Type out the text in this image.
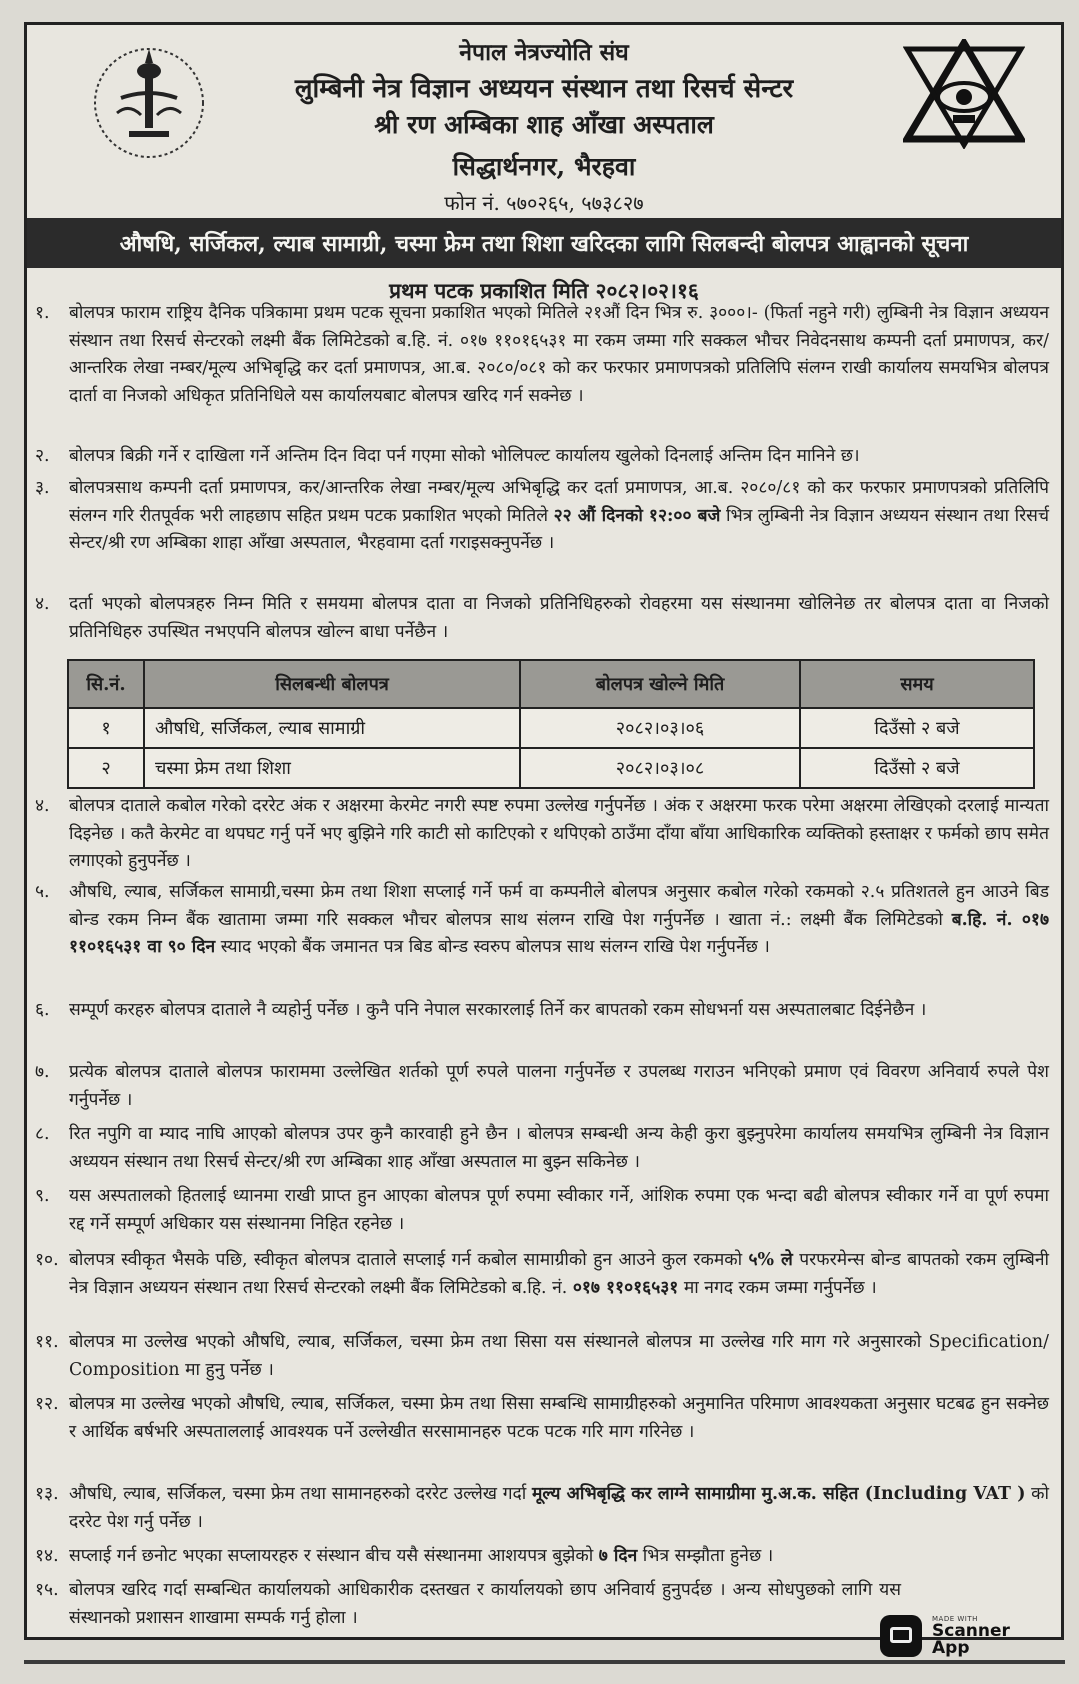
नेपाल नेत्रज्योति संघ
लुम्बिनी नेत्र विज्ञान अध्ययन संस्थान तथा रिसर्च सेन्टर
श्री रण अम्बिका शाह आँखा अस्पताल
सिद्धार्थनगर, भैरहवा
फोन नं. ५७०२६५, ५७३८२७
औषधि, सर्जिकल, ल्याब सामाग्री, चस्मा फ्रेम तथा शिशा खरिदका लागि सिलबन्दी बोलपत्र आह्वानको सूचना
प्रथम पटक प्रकाशित मिति २०८२।०२।१६
१.	बोलपत्र फाराम राष्ट्रिय दैनिक पत्रिकामा प्रथम पटक सूचना प्रकाशित भएको मितिले २१औं दिन भित्र रु. ३०००।- (फिर्ता नहुने गरी) लुम्बिनी नेत्र विज्ञान अध्ययन संस्थान तथा रिसर्च सेन्टरको लक्ष्मी बैंक लिमिटेडको ब.हि. नं. ०१७ ११०१६५३१ मा रकम जम्मा गरि सक्कल भौचर निवेदनसाथ कम्पनी दर्ता प्रमाणपत्र, कर/आन्तरिक लेखा नम्बर/मूल्य अभिबृद्धि कर दर्ता प्रमाणपत्र, आ.ब. २०८०/०८१ को कर फरफार प्रमाणपत्रको प्रतिलिपि संलग्न राखी कार्यालय समयभित्र बोलपत्र दार्ता वा निजको अधिकृत प्रतिनिधिले यस कार्यालयबाट बोलपत्र खरिद गर्न सक्नेछ ।
२.	बोलपत्र बिक्री गर्ने र दाखिला गर्ने अन्तिम दिन विदा पर्न गएमा सोको भोलिपल्ट कार्यालय खुलेको दिनलाई अन्तिम दिन मानिने छ।
३.	बोलपत्रसाथ कम्पनी दर्ता प्रमाणपत्र, कर/आन्तरिक लेखा नम्बर/मूल्य अभिबृद्धि कर दर्ता प्रमाणपत्र, आ.ब. २०८०/८१ को कर फरफार प्रमाणपत्रको प्रतिलिपि संलग्न गरि रीतपूर्वक भरी लाहछाप सहित प्रथम पटक प्रकाशित भएको मितिले २२ औं दिनको १२:०० बजे भित्र लुम्बिनी नेत्र विज्ञान अध्ययन संस्थान तथा रिसर्च सेन्टर/श्री रण अम्बिका शाहा आँखा अस्पताल, भैरहवामा दर्ता गराइसक्नुपर्नेछ ।
४.	दर्ता भएको बोलपत्रहरु निम्न मिति र समयमा बोलपत्र दाता वा निजको प्रतिनिधिहरुको रोवहरमा यस संस्थानमा खोलिनेछ तर बोलपत्र दाता वा निजको प्रतिनिधिहरु उपस्थित नभएपनि बोलपत्र खोल्न बाधा पर्नेछैन ।
सि.नं.	सिलबन्धी बोलपत्र	बोलपत्र खोल्ने मिति	समय
१	औषधि, सर्जिकल, ल्याब सामाग्री	२०८२।०३।०६	दिउँसो २ बजे
२	चस्मा फ्रेम तथा शिशा	२०८२।०३।०८	दिउँसो २ बजे
४.	बोलपत्र दाताले कबोल गरेको दररेट अंक र अक्षरमा केरमेट नगरी स्पष्ट रुपमा उल्लेख गर्नुपर्नेछ । अंक र अक्षरमा फरक परेमा अक्षरमा लेखिएको दरलाई मान्यता दिइनेछ । कतै केरमेट वा थपघट गर्नु पर्ने भए बुझिने गरि काटी सो काटिएको र थपिएको ठाउँमा दाँया बाँया आधिकारिक व्यक्तिको हस्ताक्षर र फर्मको छाप समेत लगाएको हुनुपर्नेछ ।
५.	औषधि, ल्याब, सर्जिकल सामाग्री,चस्मा फ्रेम तथा शिशा सप्लाई गर्ने फर्म वा कम्पनीले बोलपत्र अनुसार कबोल गरेको रकमको २.५ प्रतिशतले हुन आउने बिड बोन्ड रकम निम्न बैंक खातामा जम्मा गरि सक्कल भौचर बोलपत्र साथ संलग्न राखि पेश गर्नुपर्नेछ । खाता नं.: लक्ष्मी बैंक लिमिटेडको ब.हि. नं. ०१७ ११०१६५३१ वा ९० दिन स्याद भएको बैंक जमानत पत्र बिड बोन्ड स्वरुप बोलपत्र साथ संलग्न राखि पेश गर्नुपर्नेछ ।
६.	सम्पूर्ण करहरु बोलपत्र दाताले नै व्यहोर्नु पर्नेछ । कुनै पनि नेपाल सरकारलाई तिर्ने कर बापतको रकम सोधभर्ना यस अस्पतालबाट दिईनेछैन ।
७.	प्रत्येक बोलपत्र दाताले बोलपत्र फाराममा उल्लेखित शर्तको पूर्ण रुपले पालना गर्नुपर्नेछ र उपलब्ध गराउन भनिएको प्रमाण एवं विवरण अनिवार्य रुपले पेश गर्नुपर्नेछ ।
८.	रित नपुगि वा म्याद नाघि आएको बोलपत्र उपर कुनै कारवाही हुने छैन । बोलपत्र सम्बन्धी अन्य केही कुरा बुझ्नुपरेमा कार्यालय समयभित्र लुम्बिनी नेत्र विज्ञान अध्ययन संस्थान तथा रिसर्च सेन्टर/श्री रण अम्बिका शाह आँखा अस्पताल मा बुझ्न सकिनेछ ।
९.	यस अस्पतालको हितलाई ध्यानमा राखी प्राप्त हुन आएका बोलपत्र पूर्ण रुपमा स्वीकार गर्ने, आंशिक रुपमा एक भन्दा बढी बोलपत्र स्वीकार गर्ने वा पूर्ण रुपमा रद्द गर्ने सम्पूर्ण अधिकार यस संस्थानमा निहित रहनेछ ।
१०. बोलपत्र स्वीकृत भैसके पछि, स्वीकृत बोलपत्र दाताले सप्लाई गर्न कबोल सामाग्रीको हुन आउने कुल रकमको ५% ले परफरमेन्स बोन्ड बापतको रकम लुम्बिनी नेत्र विज्ञान अध्ययन संस्थान तथा रिसर्च सेन्टरको लक्ष्मी बैंक लिमिटेडको ब.हि. नं. ०१७ ११०१६५३१ मा नगद रकम जम्मा गर्नुपर्नेछ ।
११. बोलपत्र मा उल्लेख भएको औषधि, ल्याब, सर्जिकल, चस्मा फ्रेम तथा सिसा यस संस्थानले बोलपत्र मा उल्लेख गरि माग गरे अनुसारको Specification/ Composition मा हुनु पर्नेछ ।
१२. बोलपत्र मा उल्लेख भएको औषधि, ल्याब, सर्जिकल, चस्मा फ्रेम तथा सिसा सम्बन्धि सामाग्रीहरुको अनुमानित परिमाण आवश्यकता अनुसार घटबढ हुन सक्नेछ र आर्थिक बर्षभरि अस्पताललाई आवश्यक पर्ने उल्लेखीत सरसामानहरु पटक पटक गरि माग गरिनेछ ।
१३. औषधि, ल्याब, सर्जिकल, चस्मा फ्रेम तथा सामानहरुको दररेट उल्लेख गर्दा मूल्य अभिबृद्धि कर लाग्ने सामाग्रीमा मु.अ.क. सहित (Including VAT ) को दररेट पेश गर्नु पर्नेछ ।
१४. सप्लाई गर्न छनोट भएका सप्लायरहरु र संस्थान बीच यसै संस्थानमा आशयपत्र बुझेको ७ दिन भित्र सम्झौता हुनेछ ।
१५. बोलपत्र खरिद गर्दा सम्बन्धित कार्यालयको आधिकारीक दस्तखत र कार्यालयको छाप अनिवार्य हुनुपर्दछ । अन्य सोधपुछको लागि यस संस्थानको प्रशासन शाखामा सम्पर्क गर्नु होला ।	MADE WITH
Scanner
App
